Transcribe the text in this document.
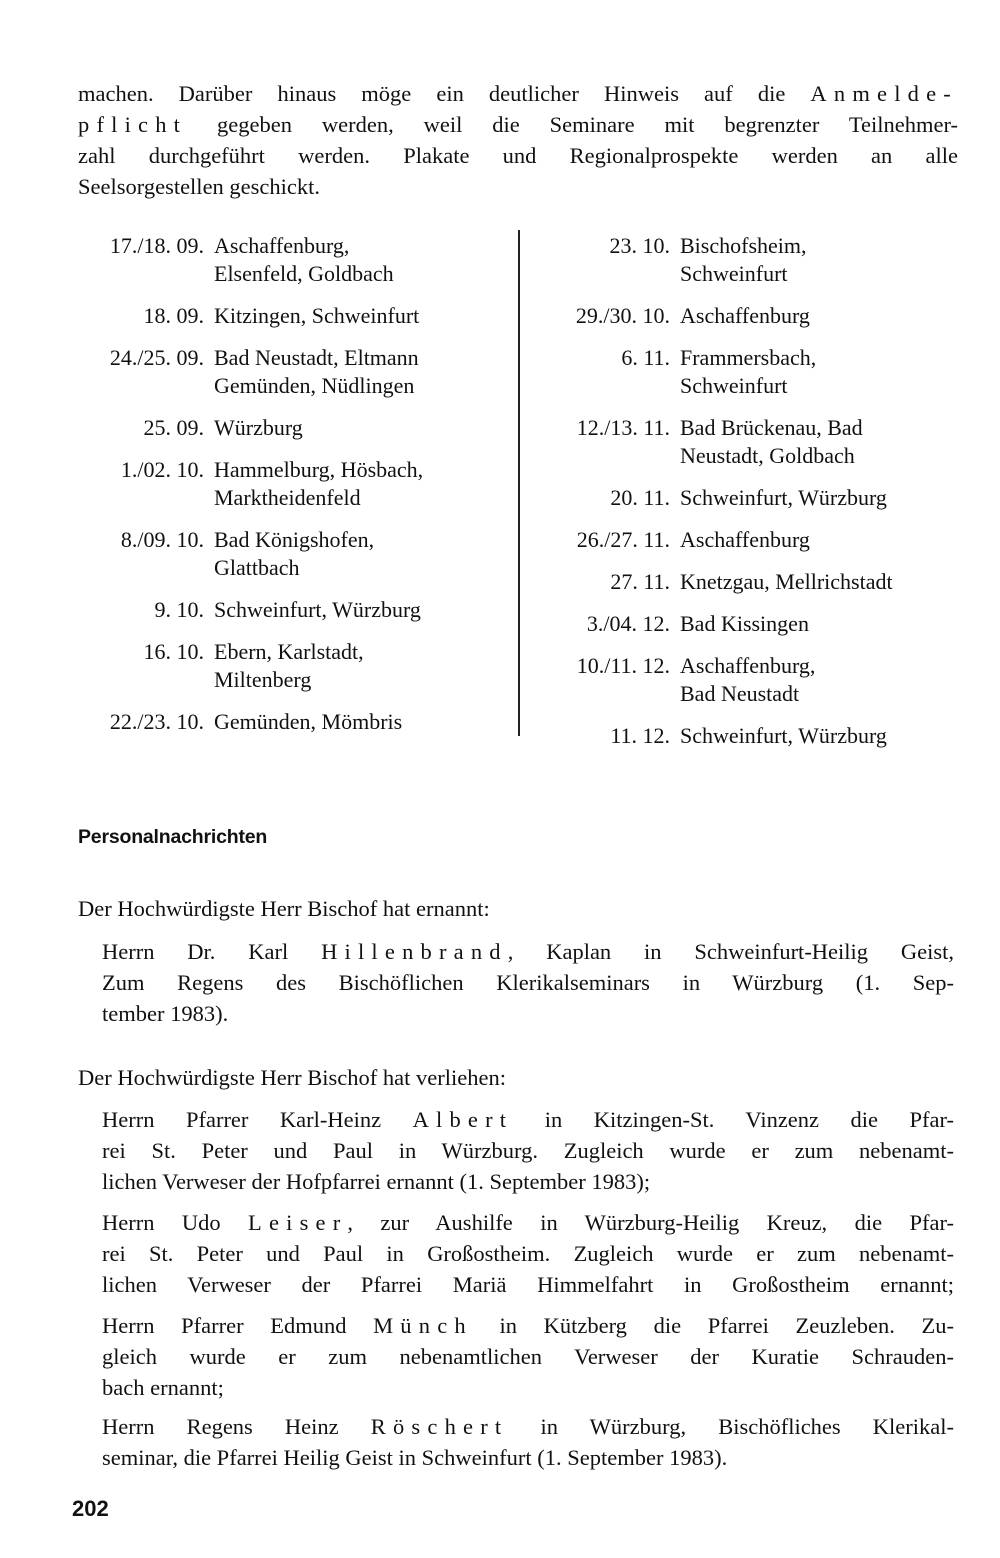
machen. Darüber hinaus möge ein deutlicher Hinweis auf die Anmelde-
pflicht gegeben werden, weil die Seminare mit begrenzter Teilnehmer-
zahl durchgeführt werden. Plakate und Regionalprospekte werden an alle
Seelsorgestellen geschickt.

17./18. 09. Aschaffenburg,
Elsenfeld, Goldbach
18. 09. Kitzingen, Schweinfurt
24./25. 09. Bad Neustadt, Eltmann
Gemünden, Nüdlingen
25. 09. Würzburg
1./02. 10. Hammelburg, Hösbach,
Marktheidenfeld
8./09. 10. Bad Königshofen,
Glattbach
9. 10. Schweinfurt, Würzburg
16. 10. Ebern, Karlstadt,
Miltenberg
22./23. 10. Gemünden, Mömbris
23. 10. Bischofsheim,
Schweinfurt
29./30. 10. Aschaffenburg
6. 11. Frammersbach,
Schweinfurt
12./13. 11. Bad Brückenau, Bad
Neustadt, Goldbach
20. 11. Schweinfurt, Würzburg
26./27. 11. Aschaffenburg
27. 11. Knetzgau, Mellrichstadt
3./04. 12. Bad Kissingen
10./11. 12. Aschaffenburg,
Bad Neustadt
11. 12. Schweinfurt, Würzburg
Personalnachrichten
Der Hochwürdigste Herr Bischof hat ernannt:

Herrn Dr. Karl Hillenbrand, Kaplan in Schweinfurt-Heilig Geist,
Zum Regens des Bischöflichen Klerikalseminars in Würzburg (1. Sep-
tember 1983).

Der Hochwürdigste Herr Bischof hat verliehen:

Herrn Pfarrer Karl-Heinz Albert in Kitzingen-St. Vinzenz die Pfar-
rei St. Peter und Paul in Würzburg. Zugleich wurde er zum nebenamt-
lichen Verweser der Hofpfarrei ernannt (1. September 1983);

Herrn Udo Leiser, zur Aushilfe in Würzburg-Heilig Kreuz, die Pfar-
rei St. Peter und Paul in Großostheim. Zugleich wurde er zum nebenamt-
lichen Verweser der Pfarrei Mariä Himmelfahrt in Großostheim ernannt;

Herrn Pfarrer Edmund Münch in Kützberg die Pfarrei Zeuzleben. Zu-
gleich wurde er zum nebenamtlichen Verweser der Kuratie Schrauden-
bach ernannt;

Herrn Regens Heinz Röschert in Würzburg, Bischöfliches Klerikal-
seminar, die Pfarrei Heilig Geist in Schweinfurt (1. September 1983).

202
